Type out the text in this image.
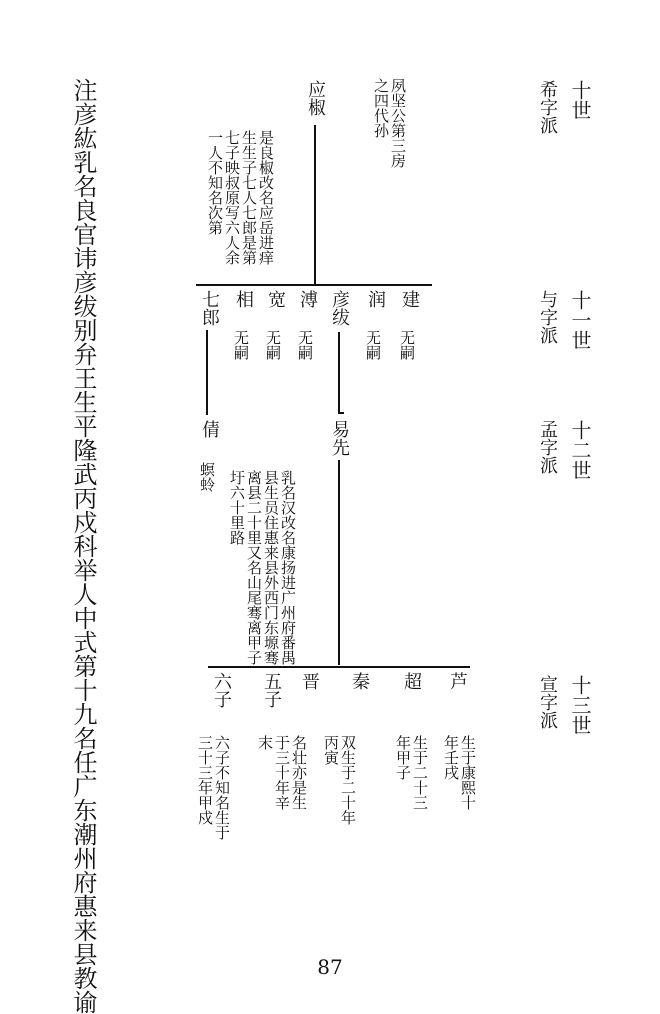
十世
希字派
十一世
与字派
十二世
孟字派
十三世
宣字派
夙坚公第三房之四代孙
应椒
是良椒改名应岳进痒生生子七人七郎是第七子映叔原写六人余一人不知名次第
建
无嗣
润
无嗣
彦绂
溥
无嗣
宽
无嗣
相
无嗣
七郎
易先
乳名汉改名康扬进广州府番禺县生员住惠来县外西门东塬骞离县二十里又名山尾骞离甲子圩六十里路
倩
螟蛉
芦
生于康熙十年壬戌
超
生于二十三年甲子
秦
双生于二十年丙寅
晋
名壮亦是生于三十年辛末
五子
六子
六子不知名生于三十三年甲戍
注彦紘乳名良官讳彦绂别弁王生平隆武丙戍科举人中式第十九名任广东潮州府惠来县教谕	87
